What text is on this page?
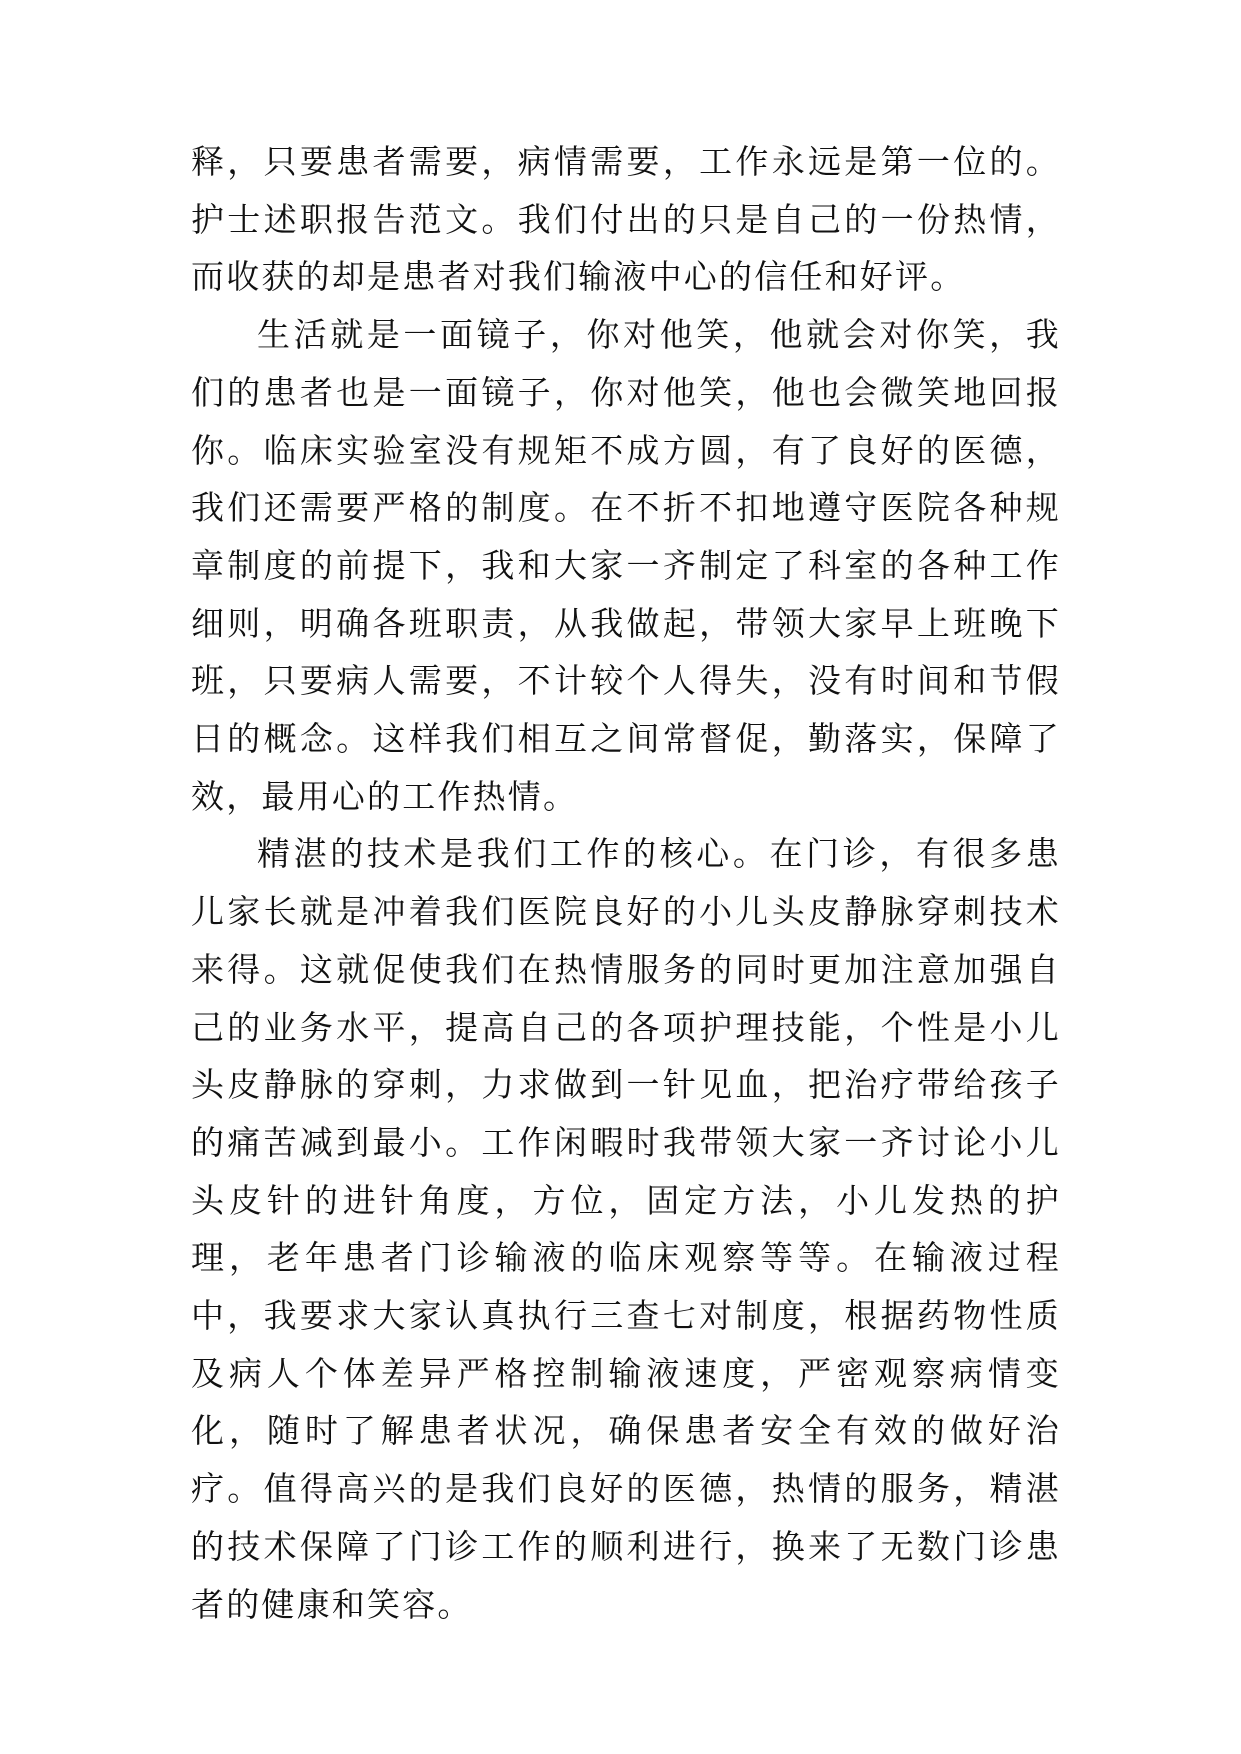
释，只要患者需要，病情需要，工作永远是第一位的。护士述职报告范文。我们付出的只是自己的一份热情，而收获的却是患者对我们输液中心的信任和好评。

生活就是一面镜子，你对他笑，他就会对你笑，我们的患者也是一面镜子，你对他笑，他也会微笑地回报你。临床实验室没有规矩不成方圆，有了良好的医德，我们还需要严格的制度。在不折不扣地遵守医院各种规章制度的前提下，我和大家一齐制定了科室的各种工作细则，明确各班职责，从我做起，带领大家早上班晚下班，只要病人需要，不计较个人得失，没有时间和节假日的概念。这样我们相互之间常督促，勤落实，保障了效，最用心的工作热情。

精湛的技术是我们工作的核心。在门诊，有很多患儿家长就是冲着我们医院良好的小儿头皮静脉穿刺技术来得。这就促使我们在热情服务的同时更加注意加强自己的业务水平，提高自己的各项护理技能，个性是小儿头皮静脉的穿刺，力求做到一针见血，把治疗带给孩子的痛苦减到最小。工作闲暇时我带领大家一齐讨论小儿头皮针的进针角度，方位，固定方法，小儿发热的护理，老年患者门诊输液的临床观察等等。在输液过程中，我要求大家认真执行三查七对制度，根据药物性质及病人个体差异严格控制输液速度，严密观察病情变化，随时了解患者状况，确保患者安全有效的做好治疗。值得高兴的是我们良好的医德，热情的服务，精湛的技术保障了门诊工作的顺利进行，换来了无数门诊患者的健康和笑容。
